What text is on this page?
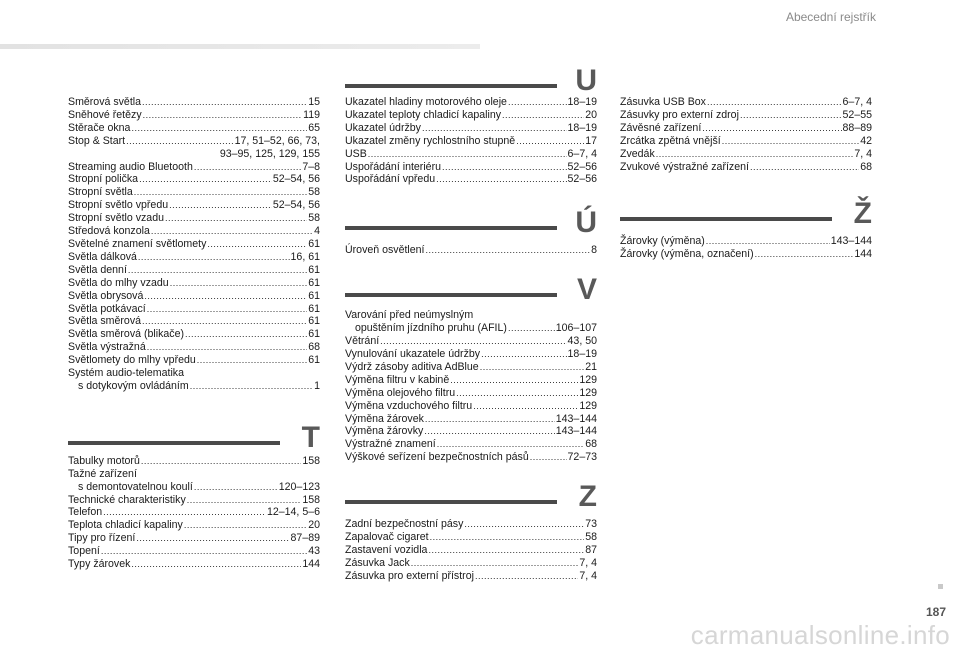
Abecední rejstřík
Směrová světla .....	15
Sněhové řetězy .....	119
Stěrače okna .....	65
Stop & Start .....	17, 51–52, 66, 73,
93–95, 125, 129, 155
Streaming audio Bluetooth .....	7–8
Stropní polička .....	52–54, 56
Stropní světla .....	58
Stropní světlo vpředu .....	52–54, 56
Stropní světlo vzadu .....	58
Středová konzola .....	4
Světelné znamení světlomety .....	61
Světla dálková .....	16, 61
Světla denní .....	61
Světla do mlhy vzadu .....	61
Světla obrysová .....	61
Světla potkávací .....	61
Světla směrová .....	61
Světla směrová (blikače) .....	61
Světla výstražná .....	68
Světlomety do mlhy vpředu .....	61
Systém audio-telematika
s dotykovým ovládáním .....	1
T
Tabulky motorů .....	158
Tažné zařízení
s demontovatelnou koulí .....	120–123
Technické charakteristiky .....	158
Telefon .....	12–14, 5–6
Teplota chladicí kapaliny .....	20
Tipy pro řízení .....	87–89
Topení .....	43
Typy žárovek .....	144
U
Ukazatel hladiny motorového oleje .....	18–19
Ukazatel teploty chladicí kapaliny .....	20
Ukazatel údržby .....	18–19
Ukazatel změny rychlostního stupně .....	17
USB .....	6–7, 4
Uspořádání interiéru .....	52–56
Uspořádání vpředu .....	52–56
Ú
Úroveň osvětlení .....	8
V
Varování před neúmyslným
opuštěním jízdního pruhu (AFIL) .....	106–107
Větrání .....	43, 50
Vynulování ukazatele údržby .....	18–19
Výdrž zásoby aditiva AdBlue .....	21
Výměna filtru v kabině .....	129
Výměna olejového filtru .....	129
Výměna vzduchového filtru .....	129
Výměna žárovek .....	143–144
Výměna žárovky .....	143–144
Výstražné znamení .....	68
Výškové seřízení bezpečnostních pásů .....	72–73
Z
Zadní bezpečnostní pásy .....	73
Zapalovač cigaret .....	58
Zastavení vozidla .....	87
Zásuvka Jack .....	7, 4
Zásuvka pro externí přístroj .....	7, 4
Zásuvka USB Box .....	6–7, 4
Zásuvky pro externí zdroj .....	52–55
Závěsné zařízení .....	88–89
Zrcátka zpětná vnější .....	42
Zvedák .....	7, 4
Zvukové výstražné zařízení .....	68
Ž
Žárovky (výměna) .....	143–144
Žárovky (výměna, označení) .....	144
187
carmanualsonline.info
